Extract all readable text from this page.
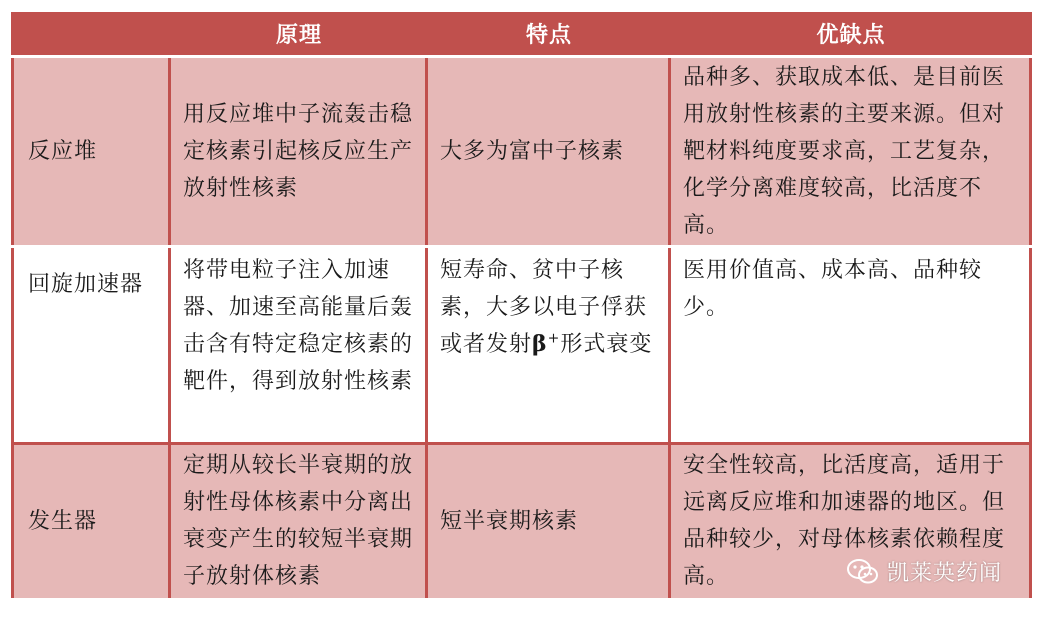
	原理	特点	优缺点
反应堆	用反应堆中子流轰击稳定核素引起核反应生产放射性核素	大多为富中子核素	品种多、获取成本低、是目前医用放射性核素的主要来源。但对靶材料纯度要求高，工艺复杂，化学分离难度较高，比活度不高。
回旋加速器	将带电粒子注入加速器、加速至高能量后轰击含有特定稳定核素的靶件，得到放射性核素	短寿命、贫中子核素，大多以电子俘获或者发射β+形式衰变	医用价值高、成本高、品种较少。
发生器	定期从较长半衰期的放射性母体核素中分离出衰变产生的较短半衰期子放射体核素	短半衰期核素	安全性较高，比活度高，适用于远离反应堆和加速器的地区。但品种较少，对母体核素依赖程度高。	凯莱英药闻
